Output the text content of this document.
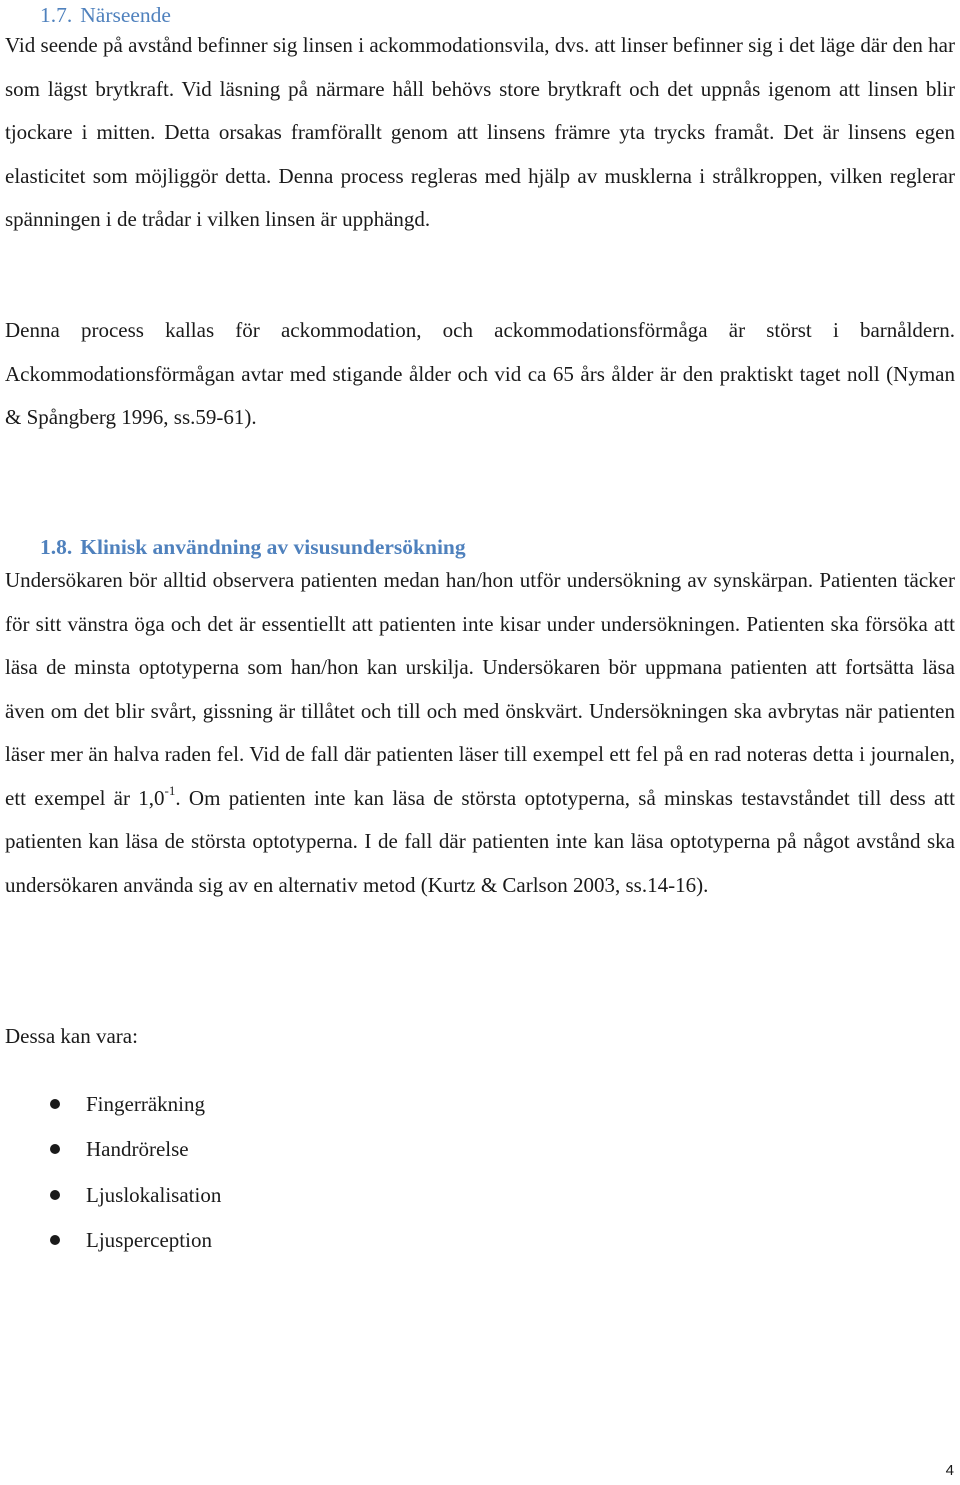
1.7. Närseende
Vid seende på avstånd befinner sig linsen i ackommodationsvila, dvs. att linser befinner sig i det läge där den har som lägst brytkraft. Vid läsning på närmare håll behövs store brytkraft och det uppnås igenom att linsen blir tjockare i mitten. Detta orsakas framförallt genom att linsens främre yta trycks framåt. Det är linsens egen elasticitet som möjliggör detta. Denna process regleras med hjälp av musklerna i strålkroppen, vilken reglerar spänningen i de trådar i vilken linsen är upphängd.
Denna process kallas för ackommodation, och ackommodationsförmåga är störst i barnåldern. Ackommodationsförmågan avtar med stigande ålder och vid ca 65 års ålder är den praktiskt taget noll (Nyman & Spångberg 1996, ss.59-61).
1.8. Klinisk användning av visusundersökning
Undersökaren bör alltid observera patienten medan han/hon utför undersökning av synskärpan. Patienten täcker för sitt vänstra öga och det är essentiellt att patienten inte kisar under undersökningen. Patienten ska försöka att läsa de minsta optotyperna som han/hon kan urskilja. Undersökaren bör uppmana patienten att fortsätta läsa även om det blir svårt, gissning är tillåtet och till och med önskvärt. Undersökningen ska avbrytas när patienten läser mer än halva raden fel. Vid de fall där patienten läser till exempel ett fel på en rad noteras detta i journalen, ett exempel är $1,0^{-1}$. Om patienten inte kan läsa de största optotyperna, så minskas testavståndet till dess att patienten kan läsa de största optotyperna. I de fall där patienten inte kan läsa optotyperna på något avstånd ska undersökaren använda sig av en alternativ metod (Kurtz & Carlson 2003, ss.14-16).
Dessa kan vara:
Fingerräkning
Handrörelse
Ljuslokalisation
Ljusperception
4
